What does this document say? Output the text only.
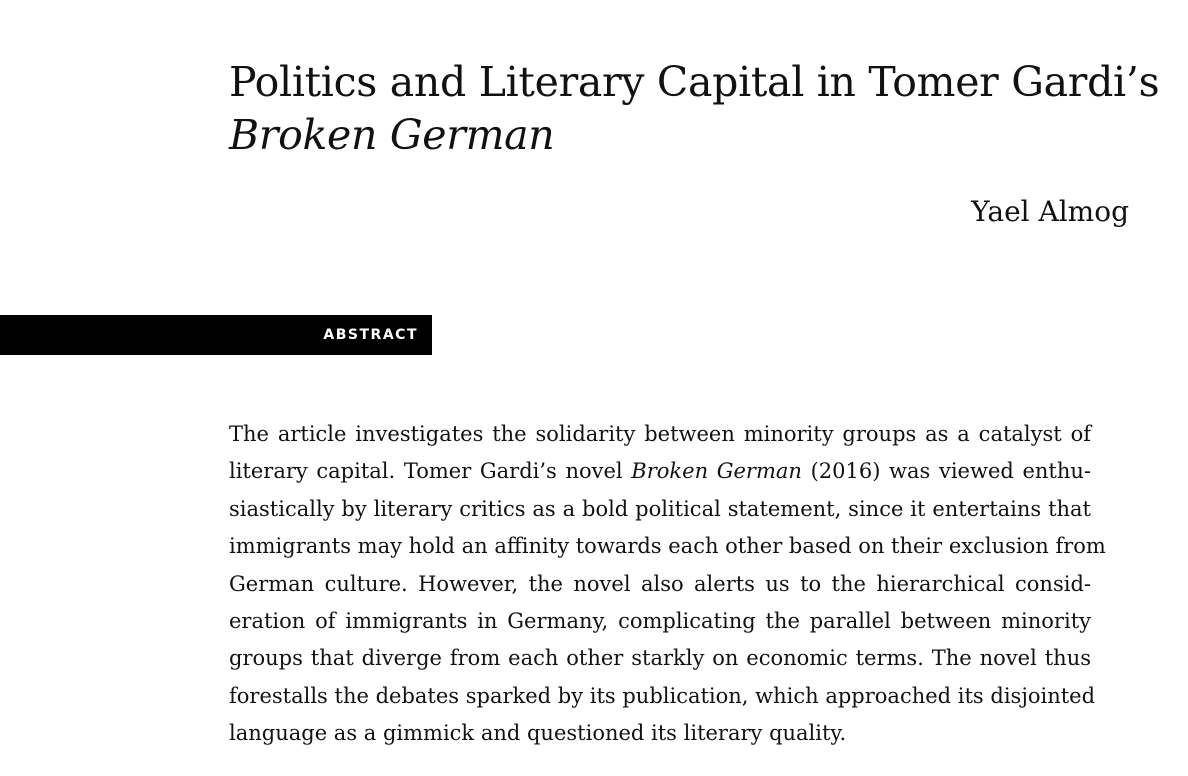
Politics and Literary Capital in Tomer Gardi’s
Broken German
Yael Almog
ABSTRACT
The article investigates the solidarity between minority groups as a catalyst of
literary capital. Tomer Gardi’s novel Broken German (2016) was viewed enthu-
siastically by literary critics as a bold political statement, since it entertains that
immigrants may hold an affinity towards each other based on their exclusion from
German culture. However, the novel also alerts us to the hierarchical consid-
eration of immigrants in Germany, complicating the parallel between minority
groups that diverge from each other starkly on economic terms. The novel thus
forestalls the debates sparked by its publication, which approached its disjointed
language as a gimmick and questioned its literary quality.
